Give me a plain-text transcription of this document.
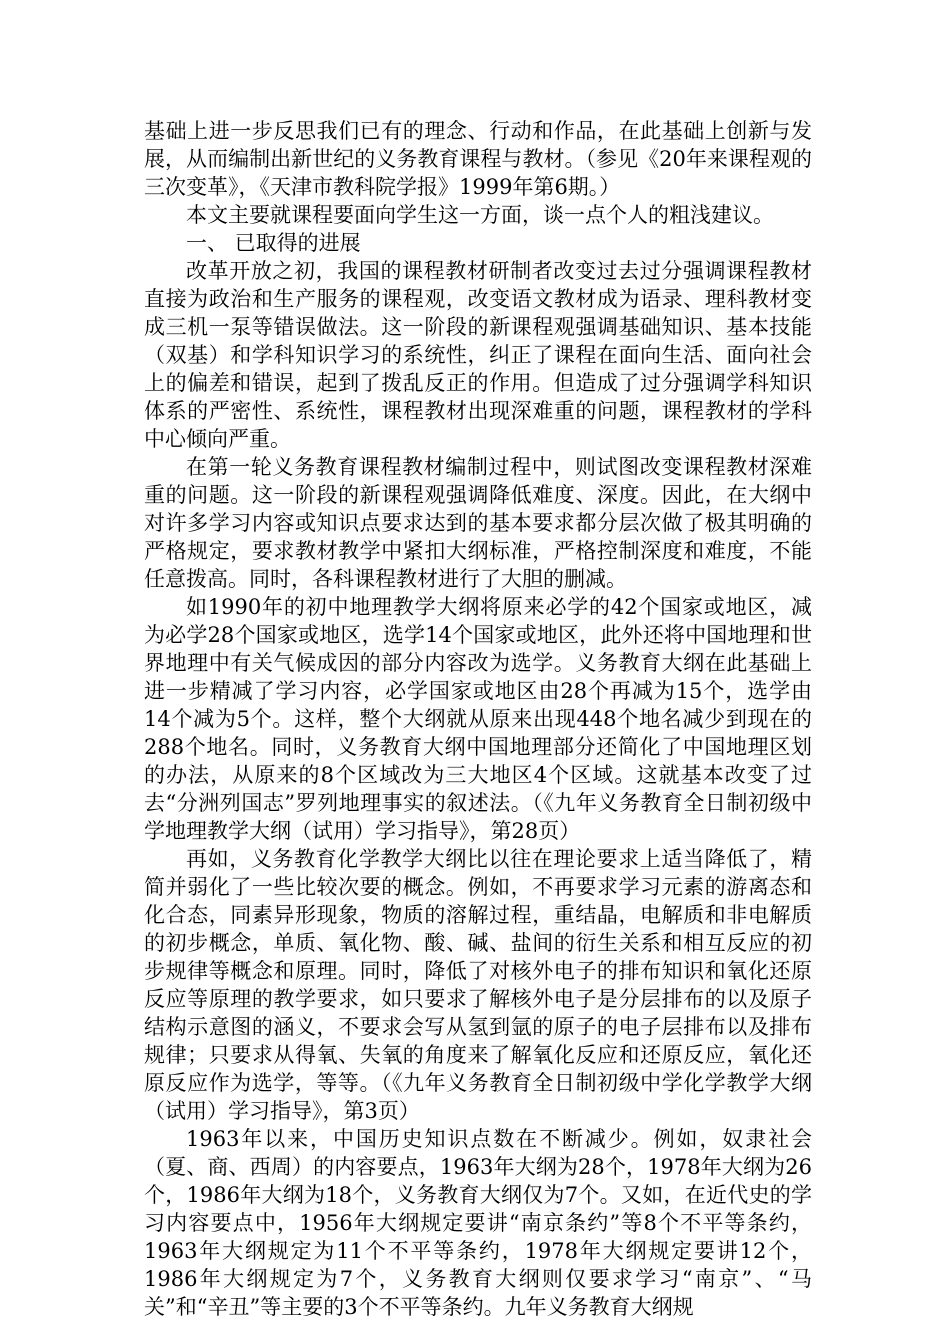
基础上进一步反思我们已有的理念、行动和作品，在此基础上创新与发展，从而编制出新世纪的义务教育课程与教材。（参见《20年来课程观的三次变革》，《天津市教科院学报》1999年第6期。）

本文主要就课程要面向学生这一方面，谈一点个人的粗浅建议。

一、 已取得的进展

改革开放之初，我国的课程教材研制者改变过去过分强调课程教材直接为政治和生产服务的课程观，改变语文教材成为语录、理科教材变成三机一泵等错误做法。这一阶段的新课程观强调基础知识、基本技能（双基）和学科知识学习的系统性，纠正了课程在面向生活、面向社会上的偏差和错误，起到了拨乱反正的作用。但造成了过分强调学科知识体系的严密性、系统性，课程教材出现深难重的问题，课程教材的学科中心倾向严重。

在第一轮义务教育课程教材编制过程中，则试图改变课程教材深难重的问题。这一阶段的新课程观强调降低难度、深度。因此，在大纲中对许多学习内容或知识点要求达到的基本要求都分层次做了极其明确的严格规定，要求教材教学中紧扣大纲标准，严格控制深度和难度，不能任意拨高。同时，各科课程教材进行了大胆的删减。

如1990年的初中地理教学大纲将原来必学的42个国家或地区，减为必学28个国家或地区，选学14个国家或地区，此外还将中国地理和世界地理中有关气候成因的部分内容改为选学。义务教育大纲在此基础上进一步精减了学习内容，必学国家或地区由28个再减为15个，选学由14个减为5个。这样，整个大纲就从原来出现448个地名减少到现在的288个地名。同时，义务教育大纲中国地理部分还简化了中国地理区划的办法，从原来的8个区域改为三大地区4个区域。这就基本改变了过去“分洲列国志”罗列地理事实的叙述法。（《九年义务教育全日制初级中学地理教学大纲（试用）学习指导》，第28页）

再如，义务教育化学教学大纲比以往在理论要求上适当降低了，精简并弱化了一些比较次要的概念。例如，不再要求学习元素的游离态和化合态，同素异形现象，物质的溶解过程，重结晶，电解质和非电解质的初步概念，单质、氧化物、酸、碱、盐间的衍生关系和相互反应的初步规律等概念和原理。同时，降低了对核外电子的排布知识和氧化还原反应等原理的教学要求，如只要求了解核外电子是分层排布的以及原子结构示意图的涵义，不要求会写从氢到氩的原子的电子层排布以及排布规律；只要求从得氧、失氧的角度来了解氧化反应和还原反应，氧化还原反应作为选学，等等。（《九年义务教育全日制初级中学化学教学大纲（试用）学习指导》，第3页）

1963年以来，中国历史知识点数在不断减少。例如，奴隶社会（夏、商、西周）的内容要点，1963年大纲为28个，1978年大纲为26个，1986年大纲为18个，义务教育大纲仅为7个。又如，在近代史的学习内容要点中，1956年大纲规定要讲“南京条约”等8个不平等条约，1963年大纲规定为11个不平等条约，1978年大纲规定要讲12个，1986年大纲规定为7个，义务教育大纲则仅要求学习“南京”、“马关”和“辛丑”等主要的3个不平等条约。九年义务教育大纲规
